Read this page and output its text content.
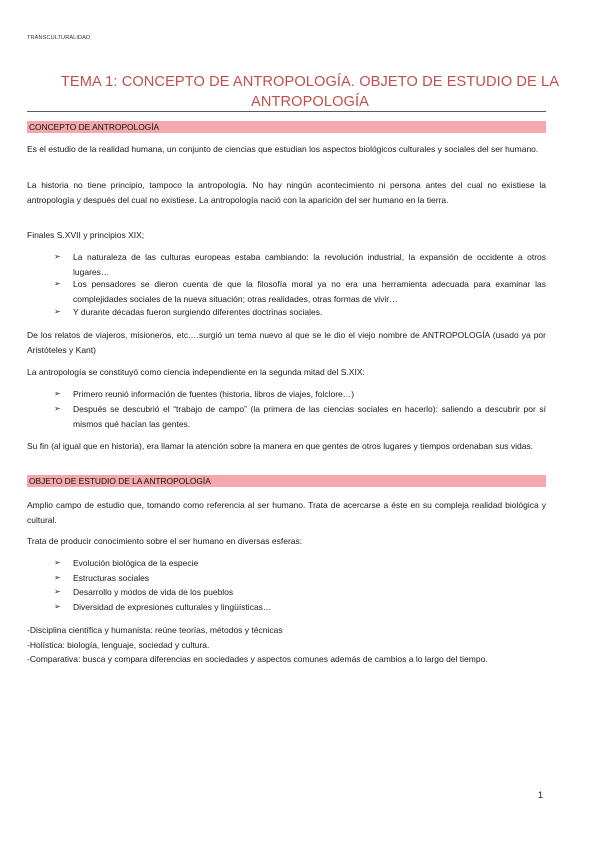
TRANSCULTURALIDAD
TEMA 1: CONCEPTO DE ANTROPOLOGÍA. OBJETO DE ESTUDIO DE LA
ANTROPOLOGÍA
CONCEPTO DE ANTROPOLOGÍA
Es el estudio de la realidad humana, un conjunto de ciencias que estudian los aspectos biológicos culturales y sociales del ser humano.
La historia no tiene principio, tampoco la antropología. No hay ningún acontecimiento ni persona antes del cual no existiese la antropología y después del cual no existiese. La antropología nació con la aparición del ser humano en la tierra.
Finales S.XVII y principios XIX;
➢ La naturaleza de las culturas europeas estaba cambiando: la revolución industrial, la expansión de occidente a otros lugares…
➢ Los pensadores se dieron cuenta de que la filosofía moral ya no era una herramienta adecuada para examinar las complejidades sociales de la nueva situación; otras realidades, otras formas de vivir…
➢ Y durante décadas fueron surgiendo diferentes doctrinas sociales.
De los relatos de viajeros, misioneros, etc.…surgió un tema nuevo al que se le dio el viejo nombre de ANTROPOLOGÍA (usado ya por Aristóteles y Kant)
La antropología se constituyó como ciencia independiente en la segunda mitad del S.XIX:
➢ Primero reunió información de fuentes (historia, libros de viajes, folclore…)
➢ Después se descubrió el “trabajo de campo” (la primera de las ciencias sociales en hacerlo): saliendo a descubrir por sí mismos qué hacían las gentes.
Su fin (al igual que en historia), era llamar la atención sobre la manera en que gentes de otros lugares y tiempos ordenaban sus vidas.
OBJETO DE ESTUDIO DE LA ANTROPOLOGÍA
Amplio campo de estudio que, tomando como referencia al ser humano. Trata de acercarse a éste en su compleja realidad biológica y cultural.
Trata de producir conocimiento sobre el ser humano en diversas esferas:
➢ Evolución biológica de la especie
➢ Estructuras sociales
➢ Desarrollo y modos de vida de los pueblos
➢ Diversidad de expresiones culturales y lingüísticas…
-Disciplina científica y humanista: reúne teorías, métodos y técnicas
-Holística: biología, lenguaje, sociedad y cultura.
-Comparativa: busca y compara diferencias en sociedades y aspectos comunes además de cambios a lo largo del tiempo.
1
